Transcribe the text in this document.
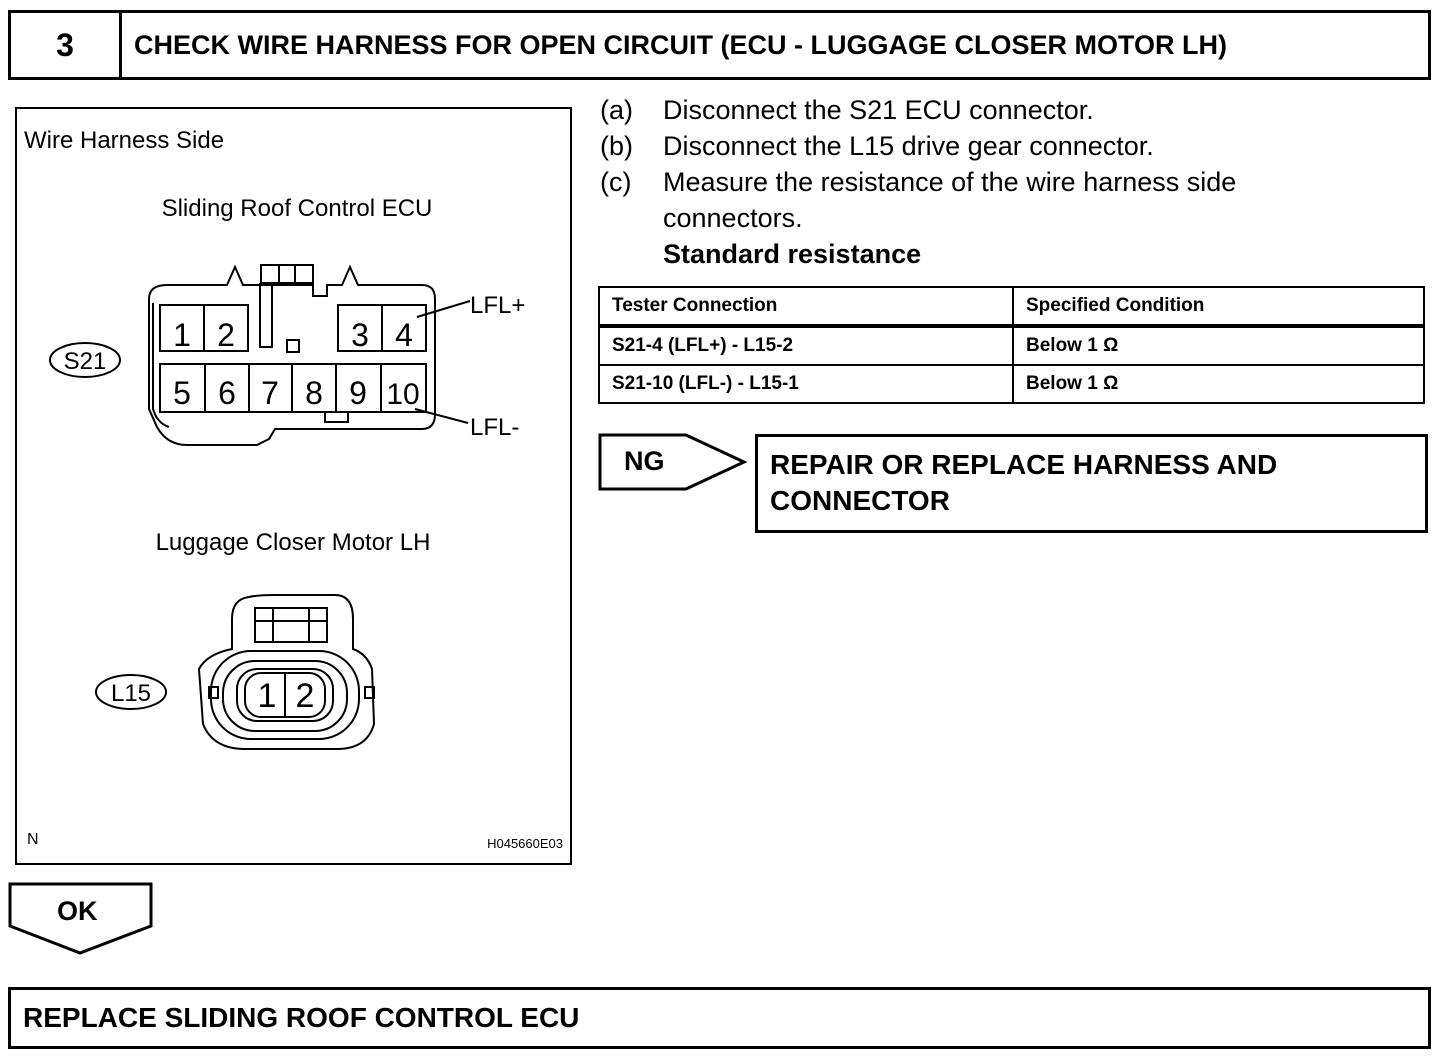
3	CHECK WIRE HARNESS FOR OPEN CIRCUIT (ECU - LUGGAGE CLOSER MOTOR LH)
Wire Harness Side
Sliding Roof Control ECU
1 2	3 4
5 6 7 8 9 10
LFL+
LFL-
S21
Luggage Closer Motor LH
1 2
L15
N	H045660E03
(a) Disconnect the S21 ECU connector.
(b) Disconnect the L15 drive gear connector.
(c) Measure the resistance of the wire harness side
connectors.
Standard resistance
Tester Connection	Specified Condition
S21-4 (LFL+) - L15-2	Below 1 Ω
S21-10 (LFL-) - L15-1	Below 1 Ω
NG	REPAIR OR REPLACE HARNESS AND
CONNECTOR
OK
REPLACE SLIDING ROOF CONTROL ECU
